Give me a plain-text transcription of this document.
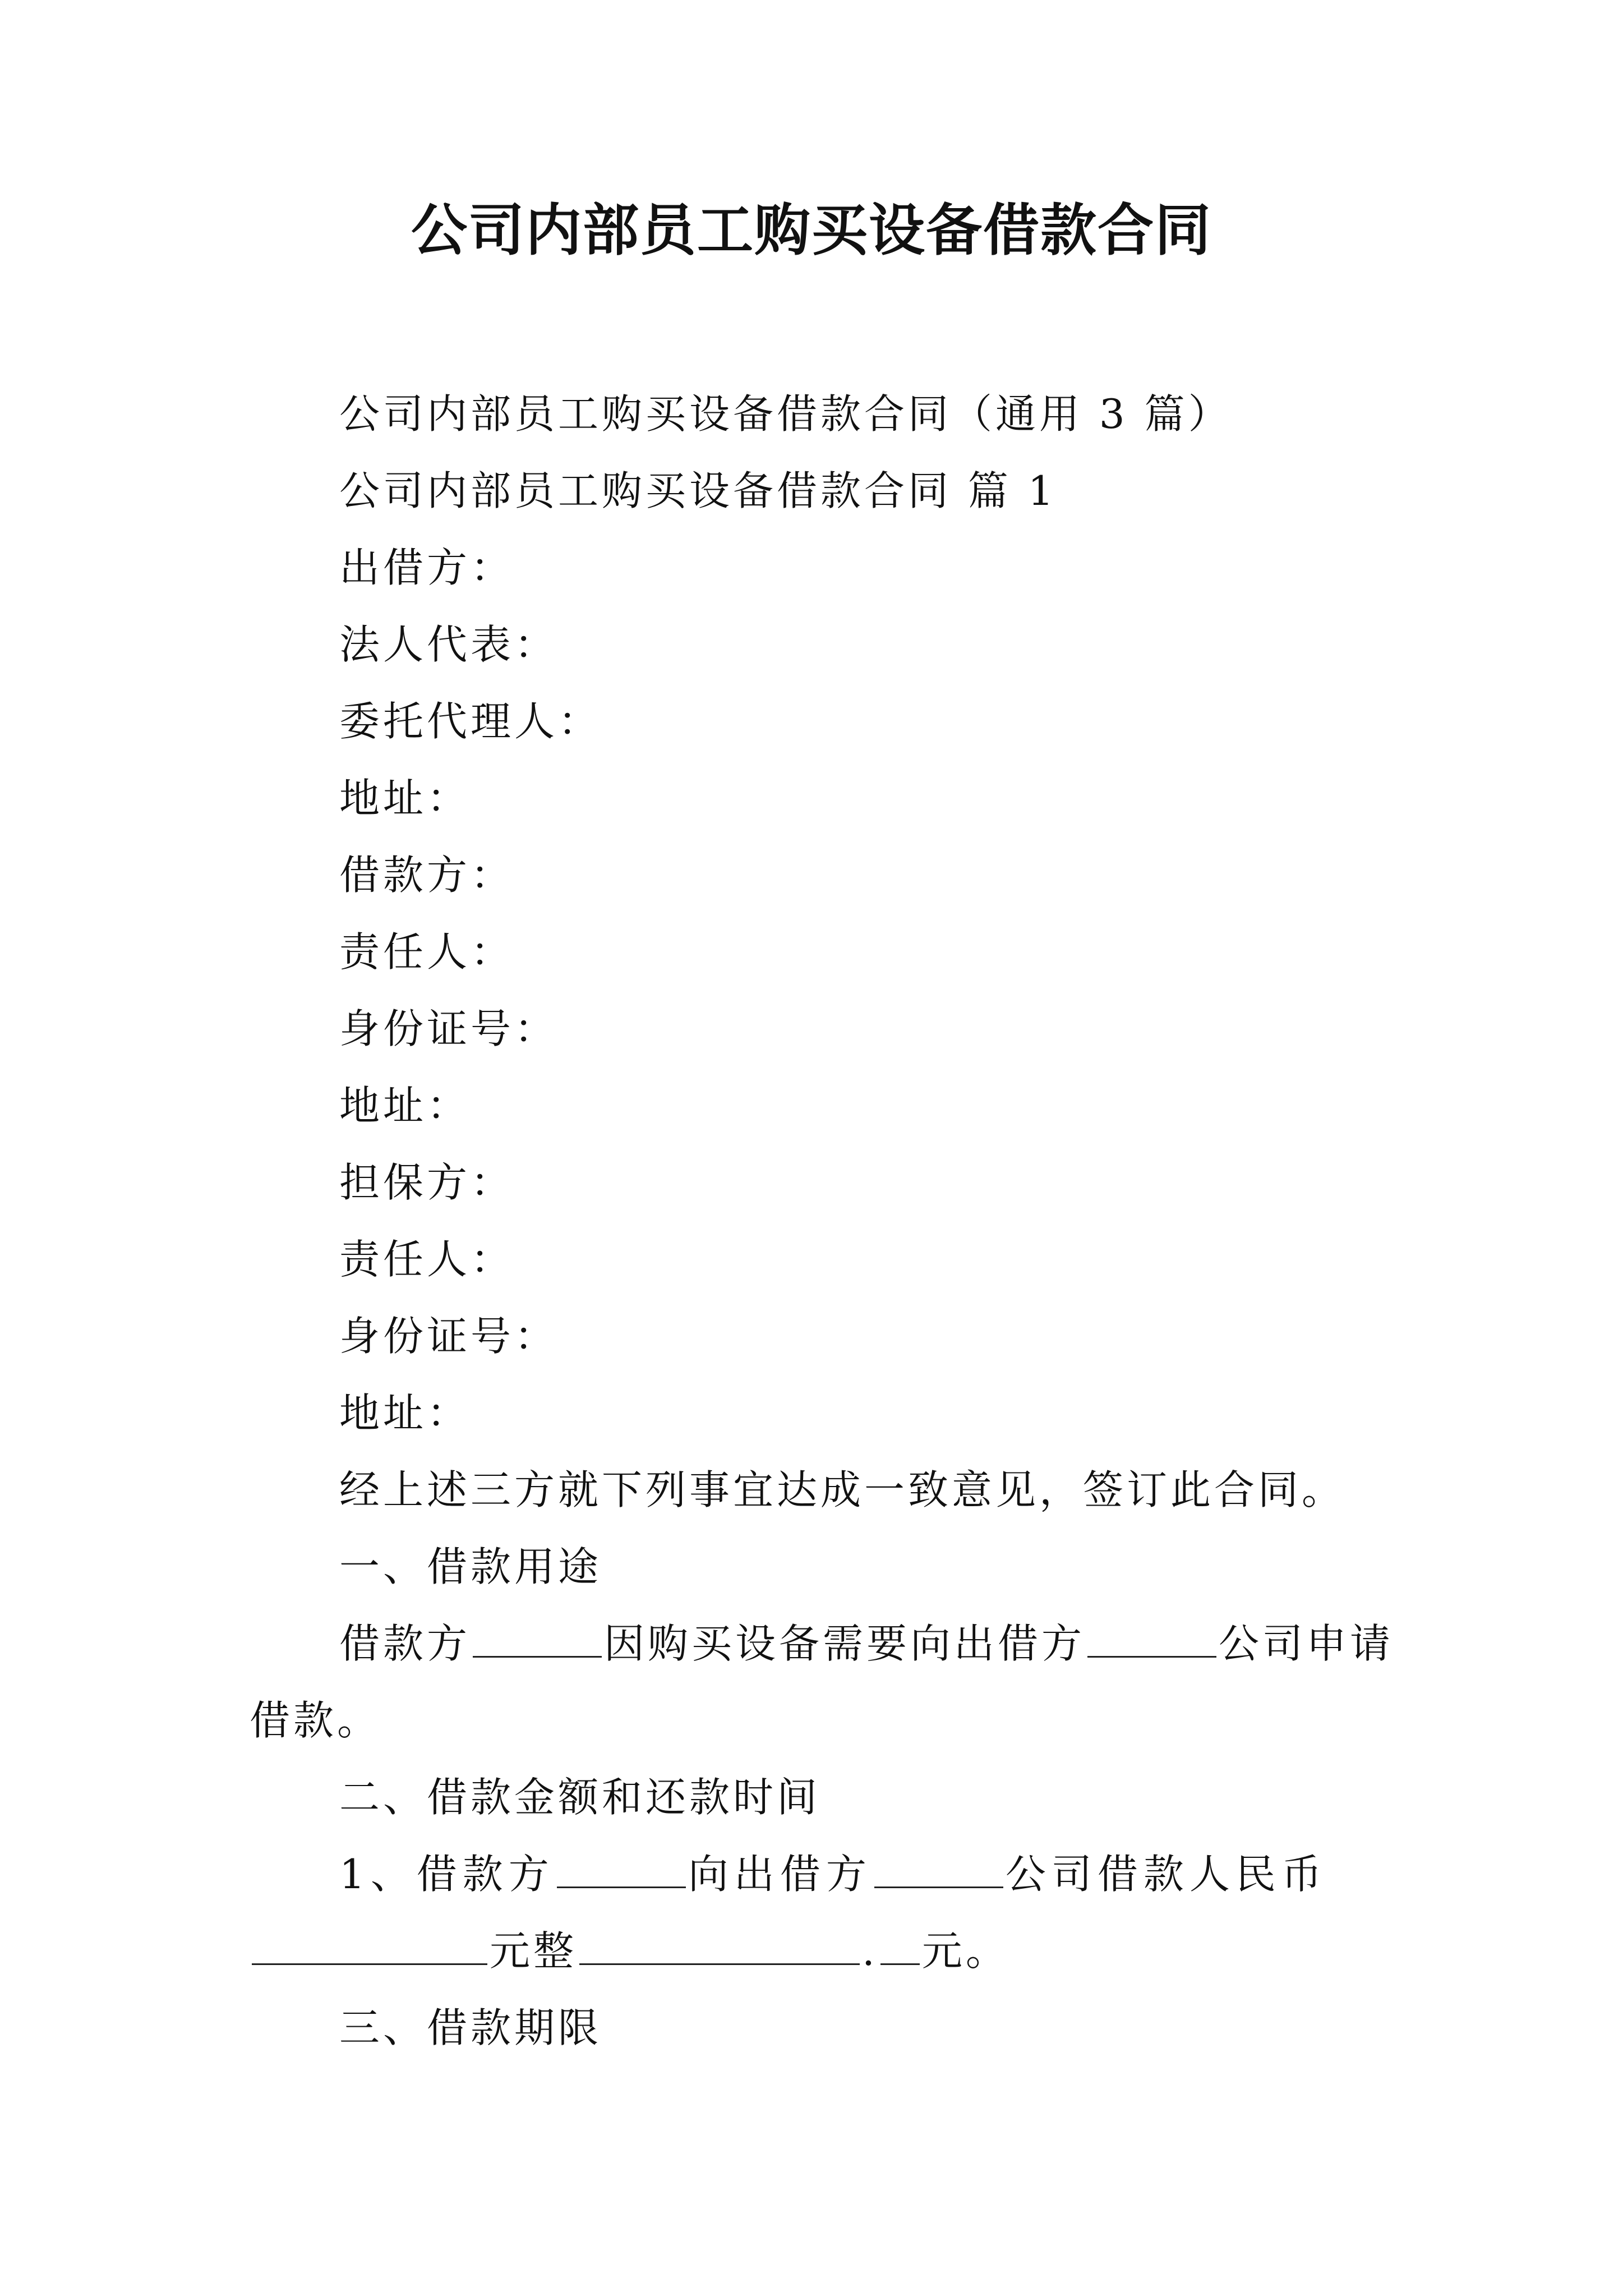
公司内部员工购买设备借款合同
公司内部员工购买设备借款合同（通用 3 篇）
公司内部员工购买设备借款合同 篇 1
出借方：
法人代表：
委托代理人：
地址：
借款方：
责任人：
身份证号：
地址：
担保方：
责任人：
身份证号：
地址：
经上述三方就下列事宜达成一致意见，签订此合同。
一、借款用途
借款方	因购买设备需要向出借方	公司申请
借款。
二、借款金额和还款时间
1、借款方	向出借方	公司借款人民币
元整	. 元。
三、借款期限
